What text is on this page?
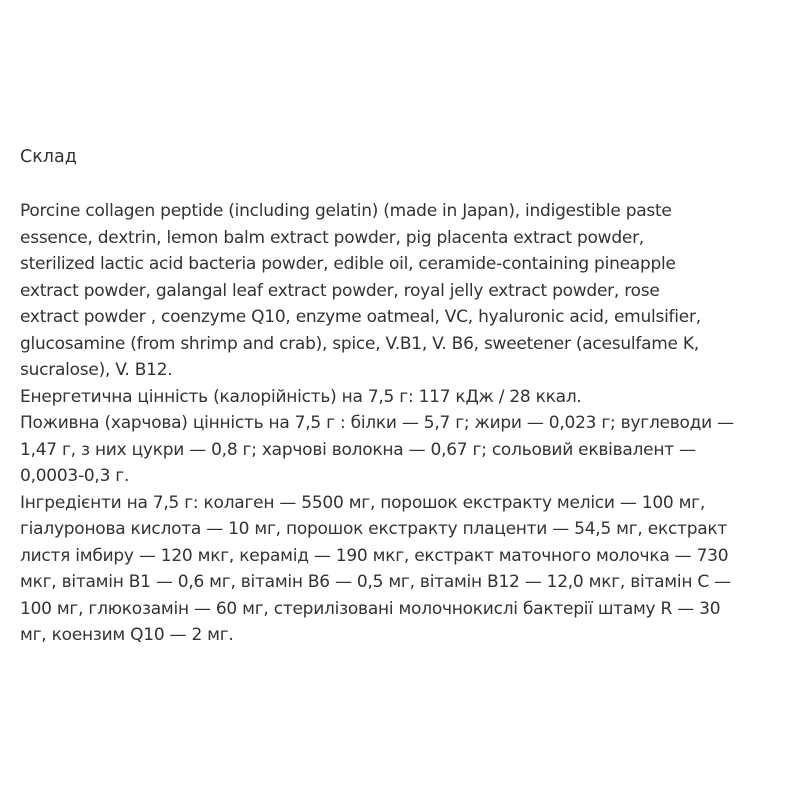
Склад
Porcine collagen peptide (including gelatin) (made in Japan), indigestible paste
essence, dextrin, lemon balm extract powder, pig placenta extract powder,
sterilized lactic acid bacteria powder, edible oil, ceramide-containing pineapple
extract powder, galangal leaf extract powder, royal jelly extract powder, rose
extract powder , coenzyme Q10, enzyme oatmeal, VC, hyaluronic acid, emulsifier,
glucosamine (from shrimp and crab), spice, V.B1, V. B6, sweetener (acesulfame K,
sucralose), V. B12.
Енергетична цінність (калорійність) на 7,5 г: 117 кДж / 28 ккал.
Поживна (харчова) цінність на 7,5 г : білки — 5,7 г; жири — 0,023 г; вуглеводи —
1,47 г, з них цукри — 0,8 г; харчові волокна — 0,67 г; сольовий еквівалент —
0,0003-0,3 г.
Інгредієнти на 7,5 г: колаген — 5500 мг, порошок екстракту меліси — 100 мг,
гіалуронова кислота — 10 мг, порошок екстракту плаценти — 54,5 мг, екстракт
листя імбиру — 120 мкг, керамід — 190 мкг, екстракт маточного молочка — 730
мкг, вітамін В1 — 0,6 мг, вітамін В6 — 0,5 мг, вітамін В12 — 12,0 мкг, вітамін С —
100 мг, глюкозамін — 60 мг, стерилізовані молочнокислі бактерії штаму R — 30
мг, коензим Q10 — 2 мг.
